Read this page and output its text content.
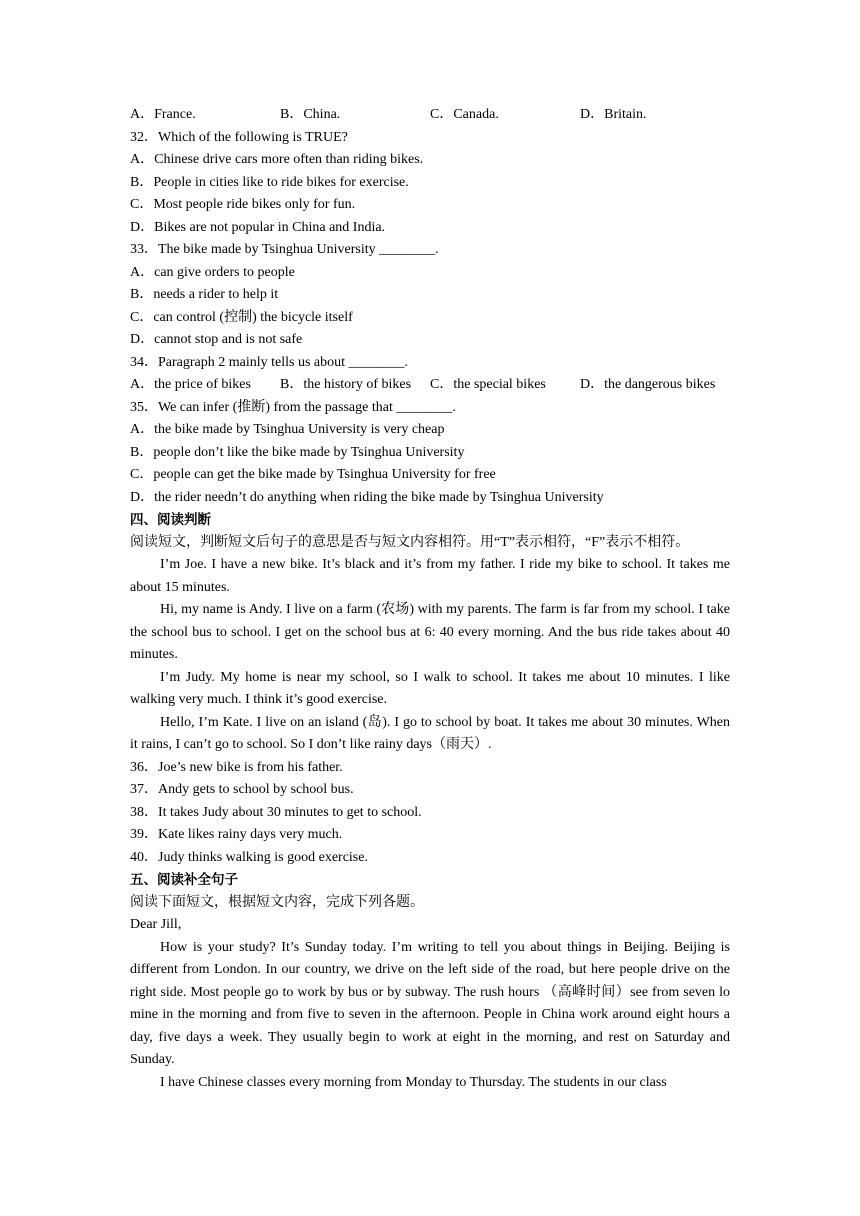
A．France.	B．China.	C．Canada.	D．Britain.
32．Which of the following is TRUE?
A．Chinese drive cars more often than riding bikes.
B．People in cities like to ride bikes for exercise.
C．Most people ride bikes only for fun.
D．Bikes are not popular in China and India.
33．The bike made by Tsinghua University ________.
A．can give orders to people
B．needs a rider to help it
C．can control (控制) the bicycle itself
D．cannot stop and is not safe
34．Paragraph 2 mainly tells us about ________.
A．the price of bikes	B．the history of bikes	C．the special bikes	D．the dangerous bikes
35．We can infer (推断) from the passage that ________.
A．the bike made by Tsinghua University is very cheap
B．people don’t like the bike made by Tsinghua University
C．people can get the bike made by Tsinghua University for free
D．the rider needn’t do anything when riding the bike made by Tsinghua University
四、阅读判断
阅读短文，判断短文后句子的意思是否与短文内容相符。用“T”表示相符，“F”表示不相符。
I’m Joe. I have a new bike. It’s black and it’s from my father. I ride my bike to school. It takes me about 15 minutes.
Hi, my name is Andy. I live on a farm (农场) with my parents. The farm is far from my school. I take the school bus to school. I get on the school bus at 6: 40 every morning. And the bus ride takes about 40 minutes.
I’m Judy. My home is near my school, so I walk to school. It takes me about 10 minutes. I like walking very much. I think it’s good exercise.
Hello, I’m Kate. I live on an island (岛). I go to school by boat. It takes me about 30 minutes. When it rains, I can’t go to school. So I don’t like rainy days（雨天）.
36．Joe’s new bike is from his father.
37．Andy gets to school by school bus.
38．It takes Judy about 30 minutes to get to school.
39．Kate likes rainy days very much.
40．Judy thinks walking is good exercise.
五、阅读补全句子
阅读下面短文，根据短文内容，完成下列各题。
Dear Jill,
How is your study? It’s Sunday today. I’m writing to tell you about things in Beijing. Beijing is different from London. In our country, we drive on the left side of the road, but here people drive on the right side. Most people go to work by bus or by subway. The rush hours （高峰时间）see from seven lo mine in the morning and from five to seven in the afternoon. People in China work around eight hours a day, five days a week. They usually begin to work at eight in the morning, and rest on Saturday and Sunday.
I have Chinese classes every morning from Monday to Thursday. The students in our class
